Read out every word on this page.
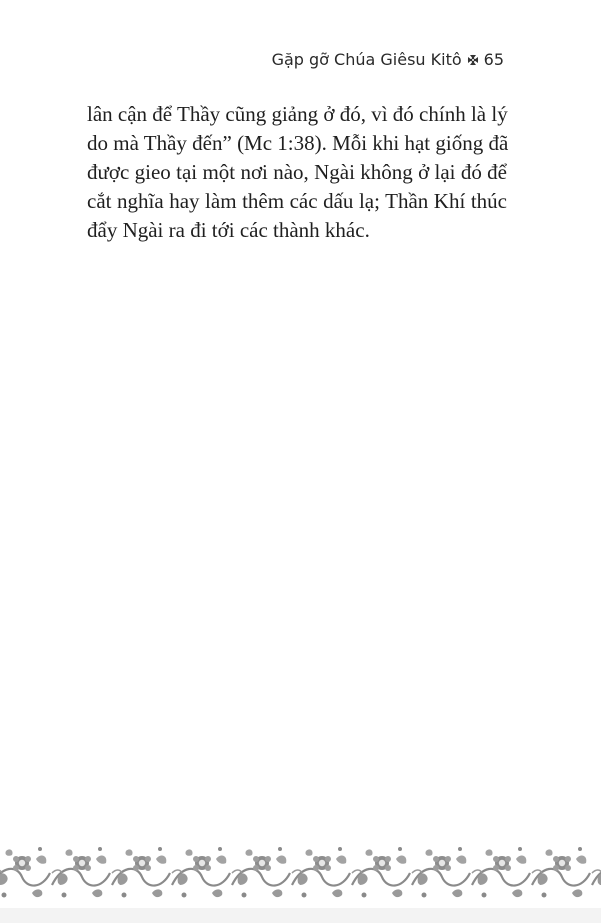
Gặp gỡ Chúa Giêsu Kitô 65

lân cận để Thầy cũng giảng ở đó, vì đó chính là lý
do mà Thầy đến” (Mc 1:38). Mỗi khi hạt giống đã
được gieo tại một nơi nào, Ngài không ở lại đó để
cắt nghĩa hay làm thêm các dấu lạ; Thần Khí thúc
đẩy Ngài ra đi tới các thành khác.
